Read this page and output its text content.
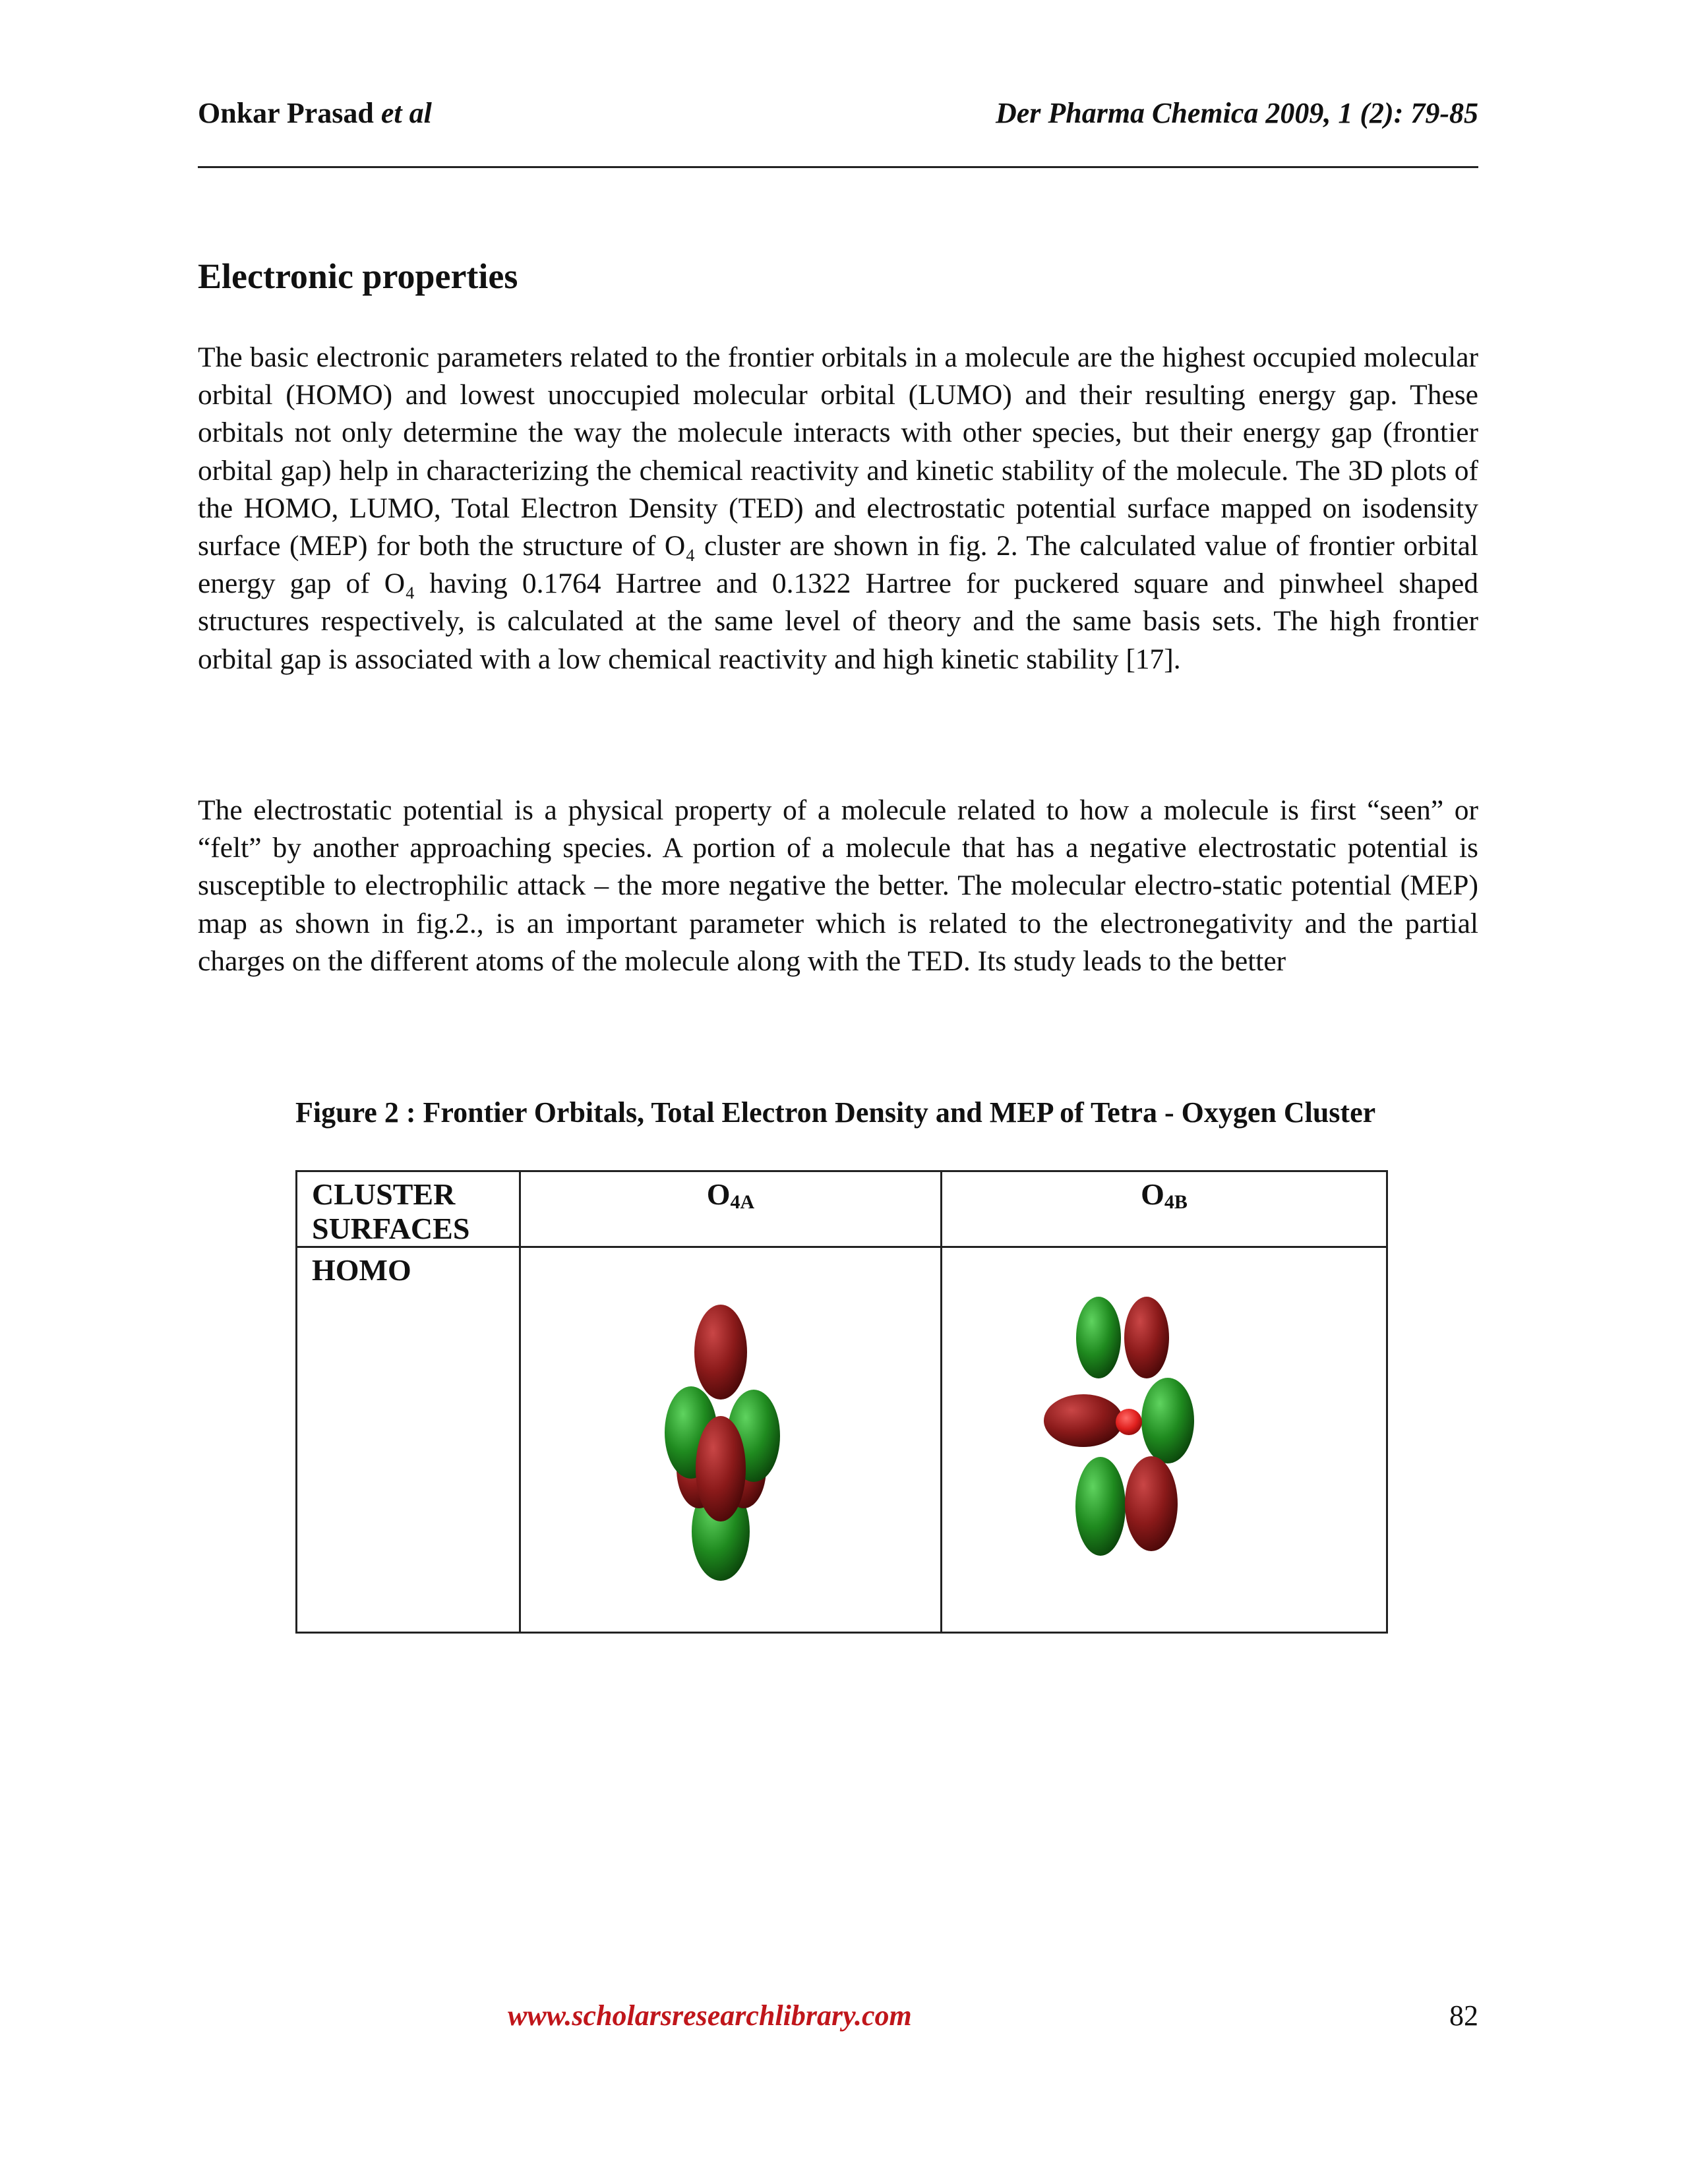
Onkar Prasad et al	Der Pharma Chemica 2009, 1 (2): 79-85
Electronic properties

The basic electronic parameters related to the frontier orbitals in a molecule are the highest occupied molecular orbital (HOMO) and lowest unoccupied molecular orbital (LUMO) and their resulting energy gap. These orbitals not only determine the way the molecule interacts with other species, but their energy gap (frontier orbital gap) help in characterizing the chemical reactivity and kinetic stability of the molecule. The 3D plots of the HOMO, LUMO, Total Electron Density (TED) and electrostatic potential surface mapped on isodensity surface (MEP) for both the structure of O₄ cluster are shown in fig. 2. The calculated value of frontier orbital energy gap of O₄ having 0.1764 Hartree and 0.1322 Hartree for puckered square and pinwheel shaped structures respectively, is calculated at the same level of theory and the same basis sets. The high frontier orbital gap is associated with a low chemical reactivity and high kinetic stability [17].

The electrostatic potential is a physical property of a molecule related to how a molecule is first “seen” or “felt” by another approaching species. A portion of a molecule that has a negative electrostatic potential is susceptible to electrophilic attack – the more negative the better. The molecular electro-static potential (MEP) map as shown in fig.2., is an important parameter which is related to the electronegativity and the partial charges on the different atoms of the molecule along with the TED. Its study leads to the better

Figure 2 : Frontier Orbitals, Total Electron Density and MEP of Tetra - Oxygen Cluster
CLUSTER SURFACES	$O_{4A}$	$O_{4B}$

HOMO

www.scholarsresearchlibrary.com	82
